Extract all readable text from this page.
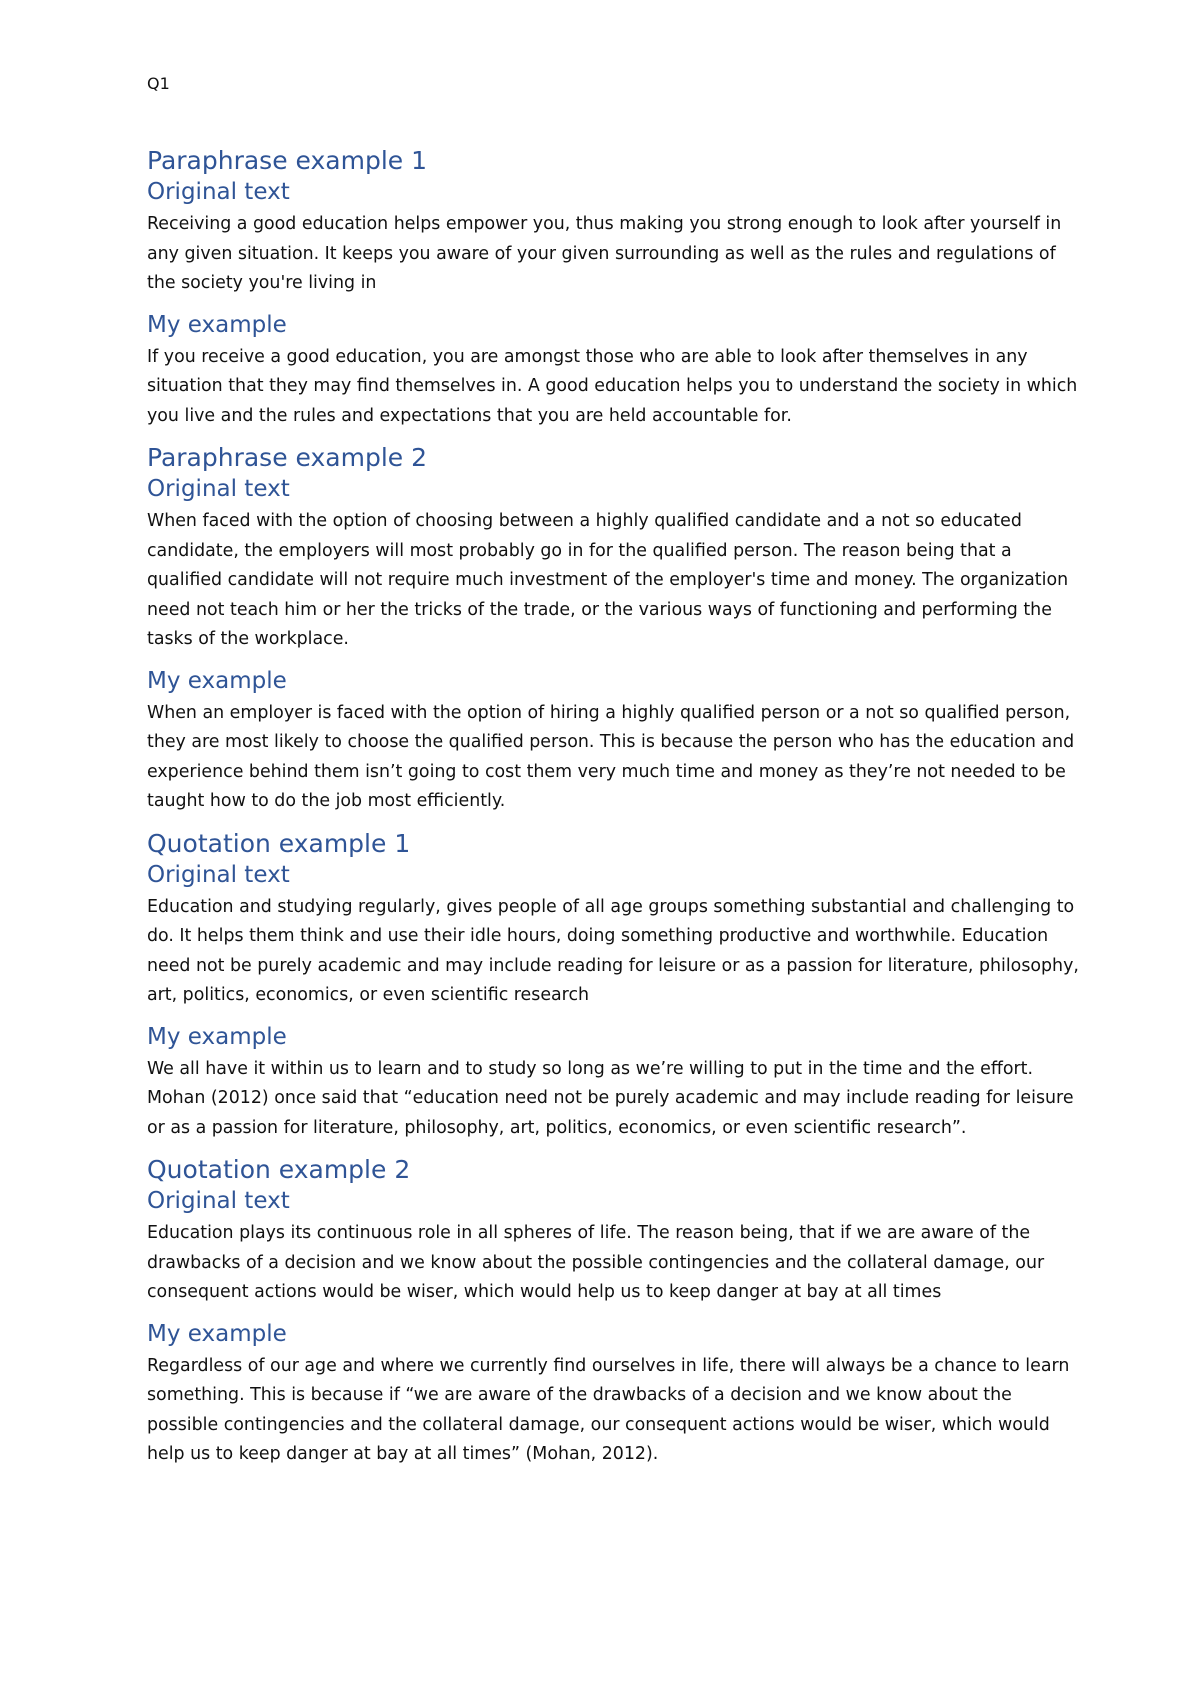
Q1
Paraphrase example 1
Original text

Receiving a good education helps empower you, thus making you strong enough to look after yourself in any given situation. It keeps you aware of your given surrounding as well as the rules and regulations of the society you're living in

My example

If you receive a good education, you are amongst those who are able to look after themselves in any situation that they may find themselves in. A good education helps you to understand the society in which you live and the rules and expectations that you are held accountable for.

Paraphrase example 2
Original text

When faced with the option of choosing between a highly qualified candidate and a not so educated candidate, the employers will most probably go in for the qualified person. The reason being that a qualified candidate will not require much investment of the employer's time and money. The organization need not teach him or her the tricks of the trade, or the various ways of functioning and performing the tasks of the workplace.

My example

When an employer is faced with the option of hiring a highly qualified person or a not so qualified person, they are most likely to choose the qualified person. This is because the person who has the education and experience behind them isn’t going to cost them very much time and money as they’re not needed to be taught how to do the job most efficiently.

Quotation example 1
Original text

Education and studying regularly, gives people of all age groups something substantial and challenging to do. It helps them think and use their idle hours, doing something productive and worthwhile. Education need not be purely academic and may include reading for leisure or as a passion for literature, philosophy, art, politics, economics, or even scientific research

My example

We all have it within us to learn and to study so long as we’re willing to put in the time and the effort. Mohan (2012) once said that “education need not be purely academic and may include reading for leisure or as a passion for literature, philosophy, art, politics, economics, or even scientific research”.

Quotation example 2
Original text

Education plays its continuous role in all spheres of life. The reason being, that if we are aware of the drawbacks of a decision and we know about the possible contingencies and the collateral damage, our consequent actions would be wiser, which would help us to keep danger at bay at all times

My example

Regardless of our age and where we currently find ourselves in life, there will always be a chance to learn something. This is because if “we are aware of the drawbacks of a decision and we know about the possible contingencies and the collateral damage, our consequent actions would be wiser, which would help us to keep danger at bay at all times” (Mohan, 2012).
